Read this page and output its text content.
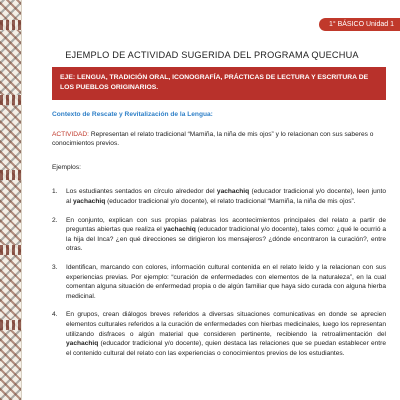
1° BÁSICO Unidad 1
EJEMPLO DE ACTIVIDAD SUGERIDA DEL PROGRAMA QUECHUA
EJE: LENGUA, TRADICIÓN ORAL, ICONOGRAFÍA, PRÁCTICAS DE LECTURA Y ESCRITURA DE LOS PUEBLOS ORIGINARIOS.
Contexto de Rescate y Revitalización de la Lengua:

ACTIVIDAD: Representan el relato tradicional “Mamiña, la niña de mis ojos” y lo relacionan con sus saberes o conocimientos previos.

Ejemplos:

1. Los estudiantes sentados en círculo alrededor del yachachiq (educador tradicional y/o docente), leen junto al yachachiq (educador tradicional y/o docente), el relato tradicional “Mamiña, la niña de mis ojos”.
2. En conjunto, explican con sus propias palabras los acontecimientos principales del relato a partir de preguntas abiertas que realiza el yachachiq (educador tradicional y/o docente), tales como: ¿qué le ocurrió a la hija del Inca? ¿en qué direcciones se dirigieron los mensajeros? ¿dónde encontraron la curación?, entre otras.
3. Identifican, marcando con colores, información cultural contenida en el relato leído y la relacionan con sus experiencias previas. Por ejemplo: “curación de enfermedades con elementos de la naturaleza”, en la cual comentan alguna situación de enfermedad propia o de algún familiar que haya sido curada con alguna hierba medicinal.
4. En grupos, crean diálogos breves referidos a diversas situaciones comunicativas en donde se aprecien elementos culturales referidos a la curación de enfermedades con hierbas medicinales, luego los representan utilizando disfraces o algún material que consideren pertinente, recibiendo la retroalimentación del yachachiq (educador tradicional y/o docente), quien destaca las relaciones que se puedan establecer entre el contenido cultural del relato con las experiencias o conocimientos previos de los estudiantes.
